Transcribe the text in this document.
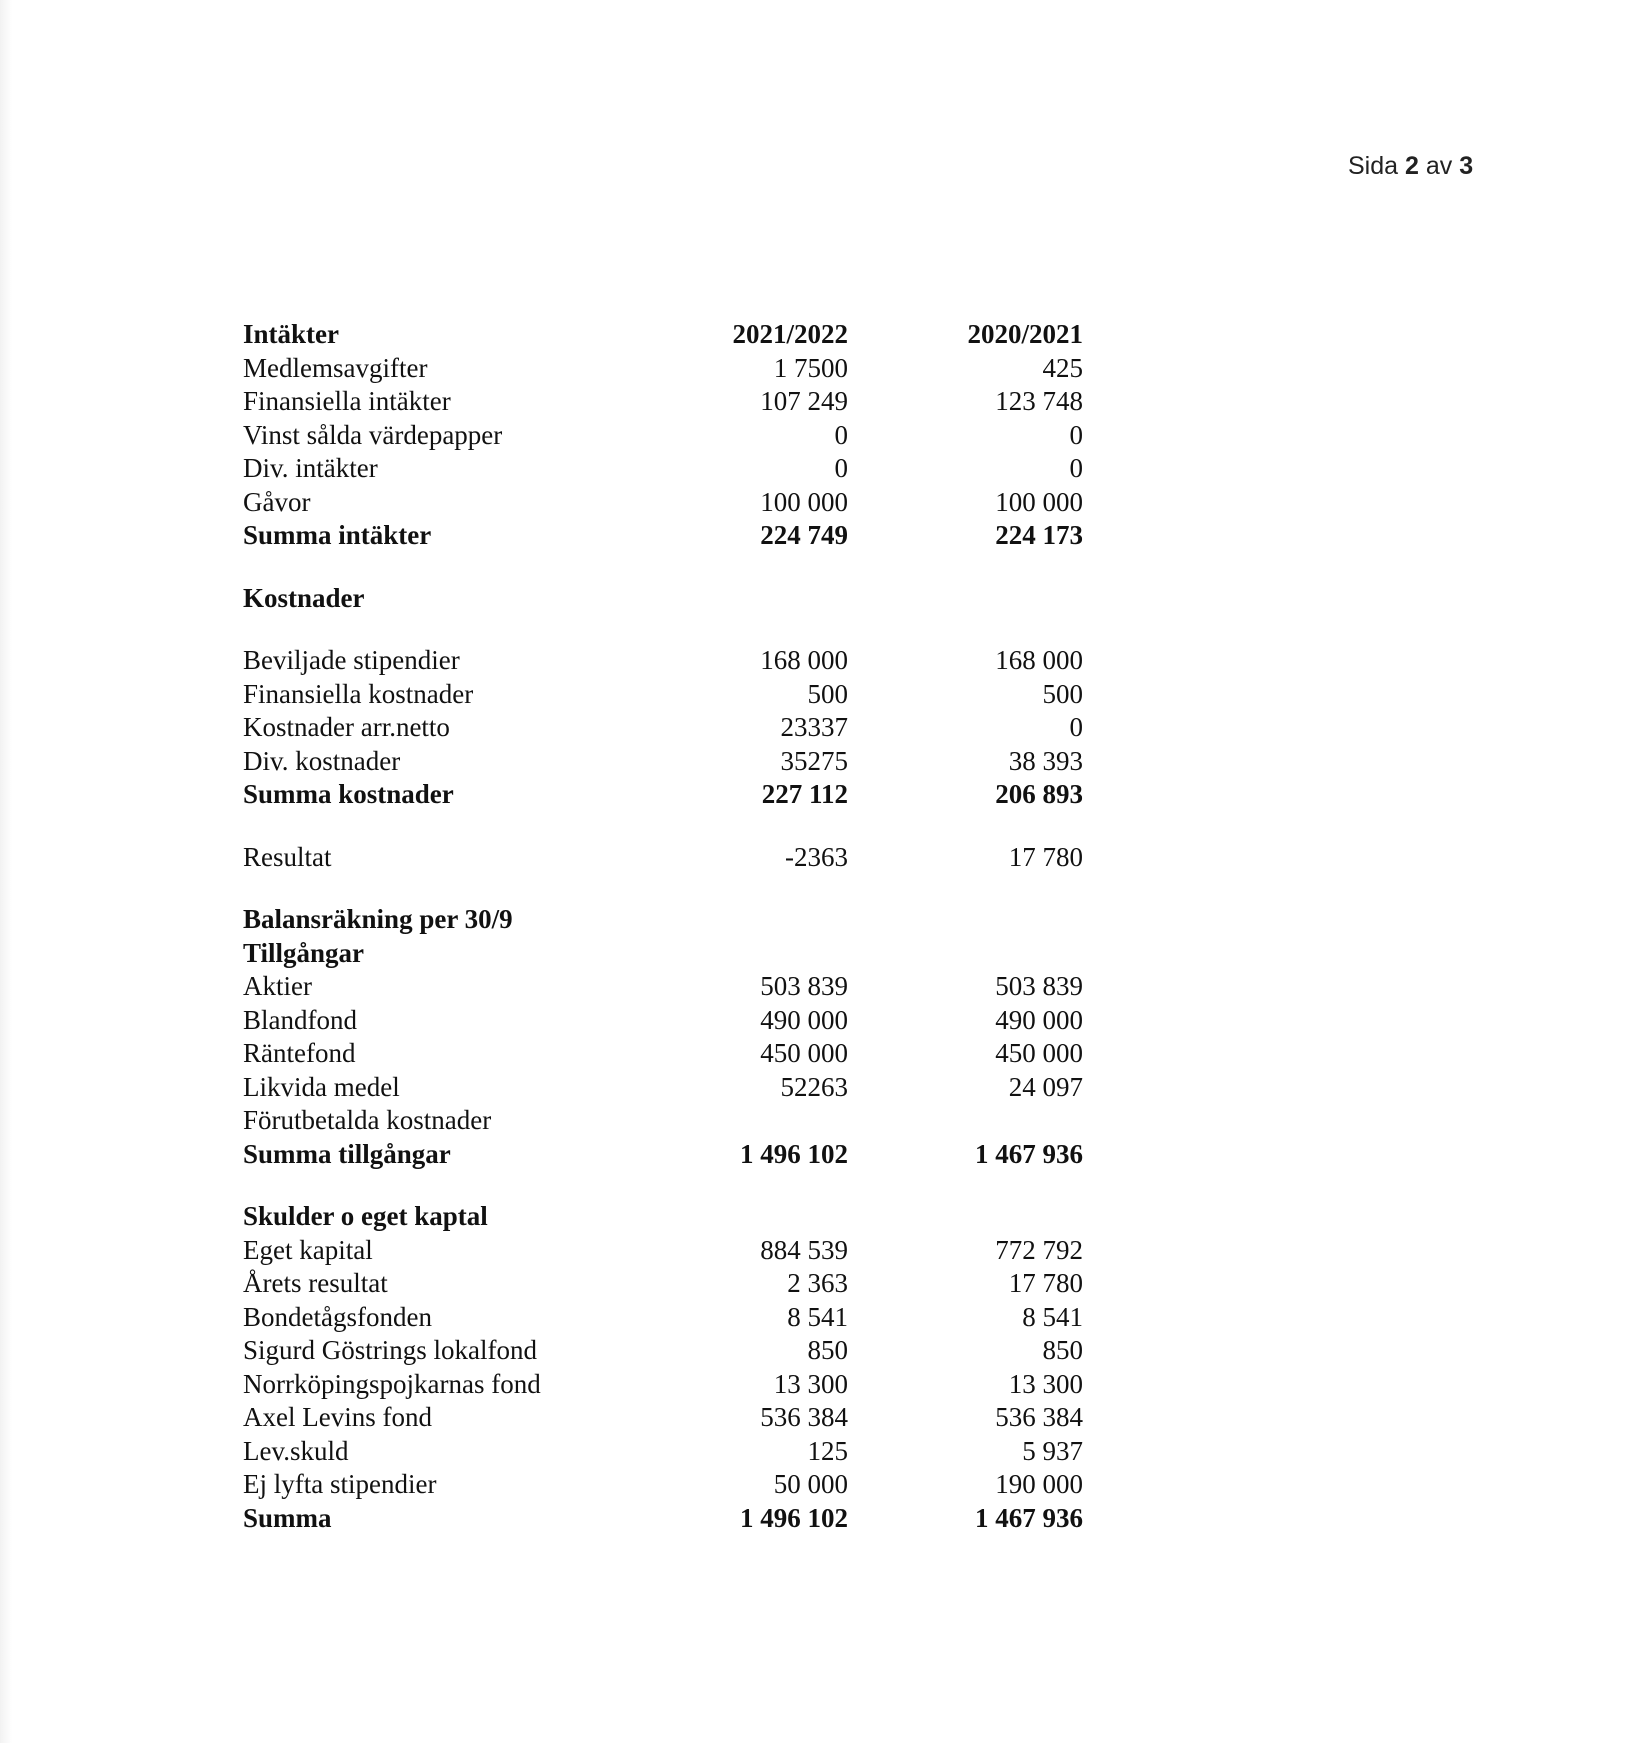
Sida 2 av 3
Intäkter	2021/2022	2020/2021
Medlemsavgifter	1 7500	425
Finansiella intäkter	107 249	123 748
Vinst sålda värdepapper	0	0
Div. intäkter	0	0
Gåvor	100 000	100 000
Summa intäkter	224 749	224 173
Kostnader
Beviljade stipendier	168 000	168 000
Finansiella kostnader	500	500
Kostnader arr.netto	23337	0
Div. kostnader	35275	38 393
Summa kostnader	227 112	206 893
Resultat	-2363	17 780
Balansräkning per 30/9
Tillgångar
Aktier	503 839	503 839
Blandfond	490 000	490 000
Räntefond	450 000	450 000
Likvida medel	52263	24 097
Förutbetalda kostnader
Summa tillgångar	1 496 102	1 467 936
Skulder o eget kaptal
Eget kapital	884 539	772 792
Årets resultat	2 363	17 780
Bondetågsfonden	8 541	8 541
Sigurd Göstrings lokalfond	850	850
Norrköpingspojkarnas fond	13 300	13 300
Axel Levins fond	536 384	536 384
Lev.skuld	125	5 937
Ej lyfta stipendier	50 000	190 000
Summa	1 496 102	1 467 936
